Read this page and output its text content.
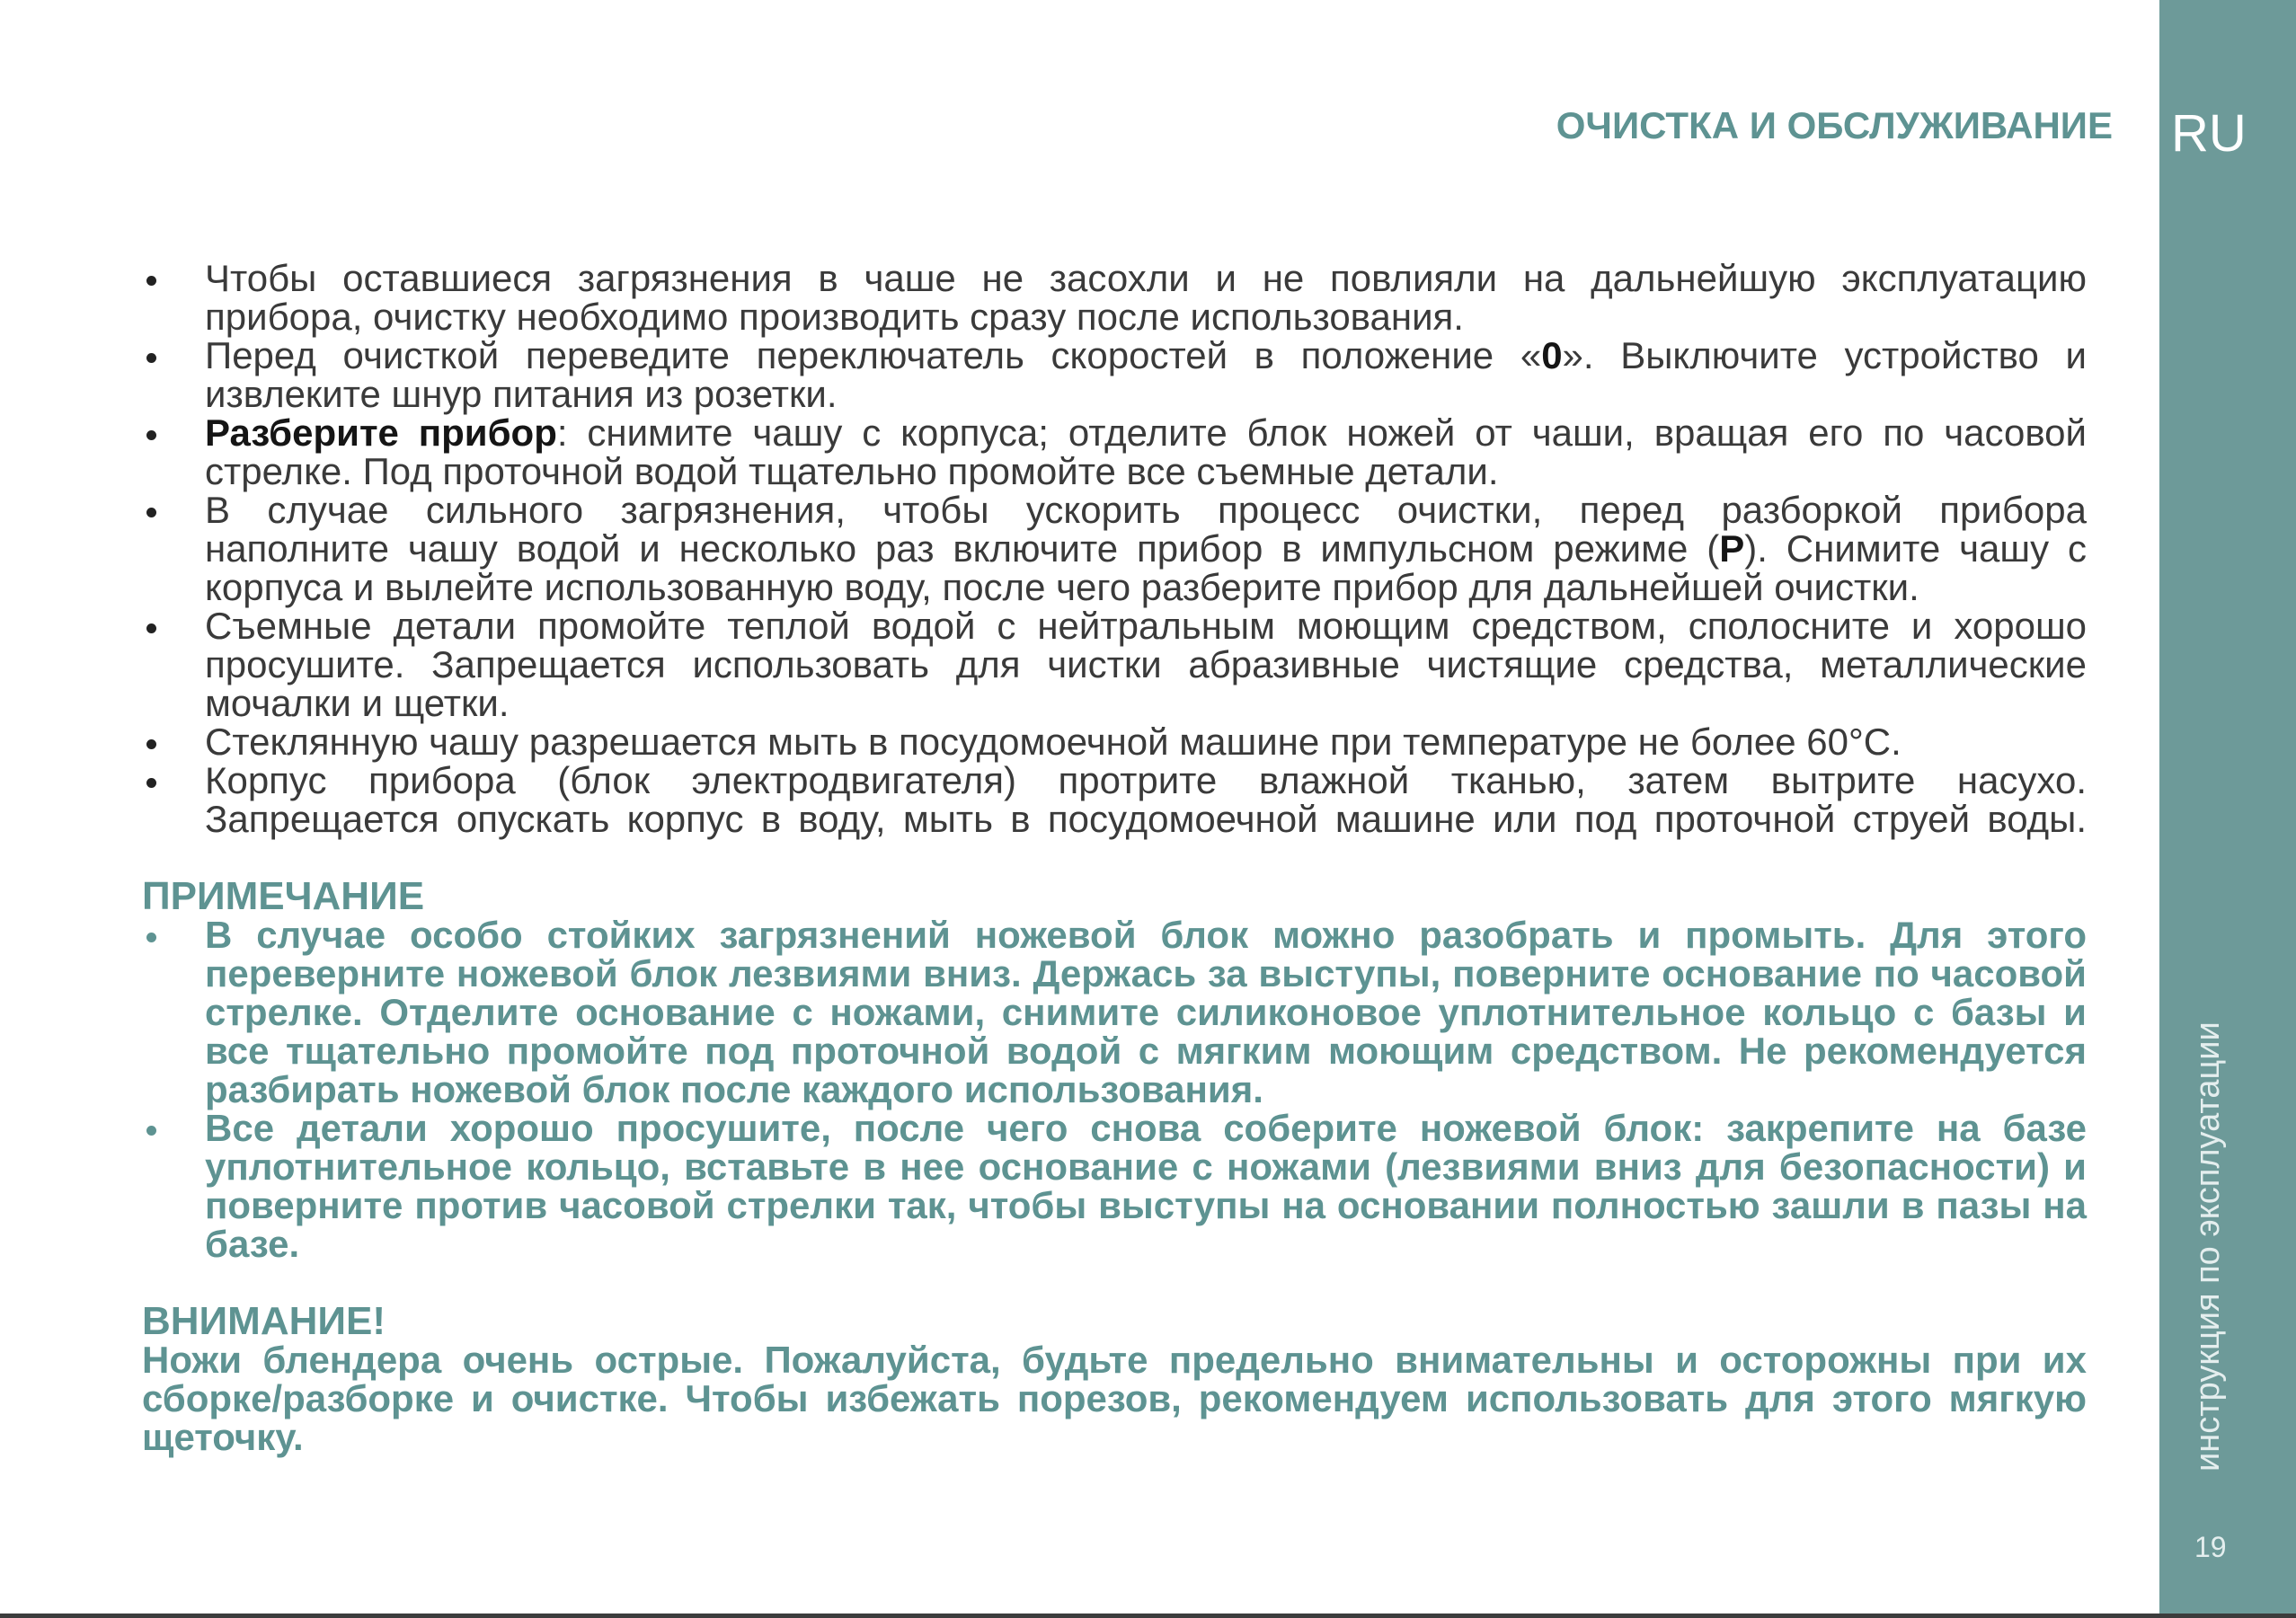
RU
инструкция по эксплуатации
19
ОЧИСТКА И ОБСЛУЖИВАНИЕ
Чтобы оставшиеся загрязнения в чаше не засохли и не повлияли на дальнейшую эксплуатацию
прибора, очистку необходимо производить сразу после использования.
Перед очисткой переведите переключатель скоростей в положение «0». Выключите устройство и
извлеките шнур питания из розетки.
Разберите прибор: снимите чашу с корпуса; отделите блок ножей от чаши, вращая его по часовой
стрелке. Под проточной водой тщательно промойте все съемные детали.
В случае сильного загрязнения, чтобы ускорить процесс очистки, перед разборкой прибора
наполните чашу водой и несколько раз включите прибор в импульсном режиме (P). Снимите чашу с
корпуса и вылейте использованную воду, после чего разберите прибор для дальнейшей очистки.
Съемные детали промойте теплой водой с нейтральным моющим средством, сполосните и хорошо
просушите. Запрещается использовать для чистки абразивные чистящие средства, металлические
мочалки и щетки.
Стеклянную чашу разрешается мыть в посудомоечной машине при температуре не более 60°C.
Корпус прибора (блок электродвигателя) протрите влажной тканью, затем вытрите насухо.
Запрещается опускать корпус в воду, мыть в посудомоечной машине или под проточной струей воды.
ПРИМЕЧАНИЕ
В случае особо стойких загрязнений ножевой блок можно разобрать и промыть. Для этого
переверните ножевой блок лезвиями вниз. Держась за выступы, поверните основание по часовой
стрелке. Отделите основание с ножами, снимите силиконовое уплотнительное кольцо с базы и
все тщательно промойте под проточной водой с мягким моющим средством. Не рекомендуется
разбирать ножевой блок после каждого использования.
Все детали хорошо просушите, после чего снова соберите ножевой блок: закрепите на базе
уплотнительное кольцо, вставьте в нее основание с ножами (лезвиями вниз для безопасности) и
поверните против часовой стрелки так, чтобы выступы на основании полностью зашли в пазы на
базе.
ВНИМАНИЕ!
Ножи блендера очень острые. Пожалуйста, будьте предельно внимательны и осторожны при их
сборке/разборке и очистке. Чтобы избежать порезов, рекомендуем использовать для этого мягкую
щеточку.
